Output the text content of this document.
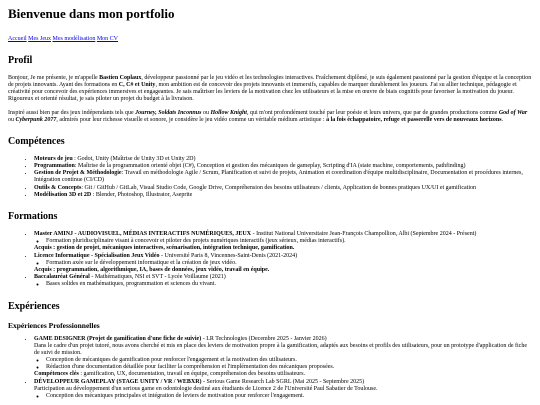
Bienvenue dans mon portfolio
Accueil Mes Jeux Mes modélisation Mon CV
Profil

Bonjour, Je me présente, je m'appelle Bastien Coplaux, développeur passionné par le jeu vidéo et les technologies interactives. Fraîchement diplômé, je suis également passionné par la gestion d'équipe et la conception de projets innovants. Ayant des formations en C, C# et Unity, mon ambition est de concevoir des projets innovants et immersifs, capables de marquer durablement les joueurs. J'ai su allier technique, pédagogie et créativité pour concevoir des expériences immersives et engageantes. Je sais maîtriser les leviers de la motivation chez les utilisateurs et la mise en œuvre de biais cognitifs pour favoriser la motivation du joueur. Rigoureux et orienté résultat, je sais piloter un projet du budget à la livraison.

Inspiré aussi bien par des jeux indépendants tels que Journey, Soldats Inconnus ou Hollow Knight, qui m'ont profondément touché par leur poésie et leurs univers, que par de grandes productions comme God of War ou Cyberpunk 2077, admirés pour leur richesse visuelle et sonore, je considère le jeu vidéo comme un véritable médium artistique : à la fois échappatoire, refuge et passerelle vers de nouveaux horizons.

Compétences
• Moteurs de jeu : Godot, Unity (Maîtrise de Unity 3D et Unity 2D)
• Programmation: Maîtrise de la programmation orienté objet (C#), Conception et gestion des mécaniques de gameplay, Scripting d'IA (state machine, comportements, pathfinding)
• Gestion de Projet & Méthodologie: Travail en méthodologie Agile / Scrum, Planification et suivi de projets, Animation et coordination d'équipe multidisciplinaire, Documentation et procédures internes, Intégration continue (CI/CD)
• Outils & Concepts: Git / GitHub / GitLab, Visual Studio Code, Google Drive, Compréhension des besoins utilisateurs / clients, Application de bonnes pratiques UX/UI et gamification
• Modélisation 3D et 2D : Blender, Photoshop, Illustrator, Aseprite
Formations
• Master AMINJ - AUDIOVISUEL, MÉDIAS INTERACTIFS NUMÉRIQUES, JEUX - Institut National Universitaire Jean-François Champollion, Albi (Septembre 2024 - Présent)
◦ Formation pluridisciplinaire visant à concevoir et piloter des projets numériques interactifs (jeux sérieux, médias interactifs).
Acquis : gestion de projet, mécaniques interactives, scénarisation, intégration technique, gamification.
• Licence Informatique - Spécialisation Jeux Vidéo - Université Paris 8, Vincennes-Saint-Denis (2021-2024)
◦ Formation axée sur le développement informatique et la création de jeux vidéo.
Acquis : programmation, algorithmique, IA, bases de données, jeux vidéo, travail en équipe.
• Baccalauréat Général - Mathématiques, NSI et SVT - Lycée Voillaume (2021)
◦ Bases solides en mathématiques, programmation et sciences du vivant.
Expériences
Expériences Professionnelles
• GAME DESIGNER (Projet de gamification d'une fiche de suivie) - LR Technologies (Decembre 2025 - Janvier 2026)
Dans le cadre d'un projet tutoré, nous avons cherché et mis en place des leviers de motivation propre à la gamification, adaptés aux besoins et profils des utilisateurs, pour un prototype d'application de fiche de suivi de mission.
◦ Conception de mécaniques de gamification pour renforcer l'engagement et la motivation des utilisateurs.
◦ Rédaction d'une documentation détaillée pour faciliter la compréhension et l'implémentation des mécaniques proposées.
Compétences clés : gamification, UX, documentation, travail en équipe, compréhension des besoins utilisateurs.
• DÉVELOPPEUR GAMEPLAY (STAGE UNITY / VR / WEBXR) - Serious Game Research Lab SGRL (Mai 2025 - Septembre 2025)
Participation au développement d'un serious game en odontologie destiné aux étudiants de Licence 2 de l'Université Paul Sabatier de Toulouse.
◦ Conception des mécaniques principales et intégration de leviers de motivation pour renforcer l'engagement.
